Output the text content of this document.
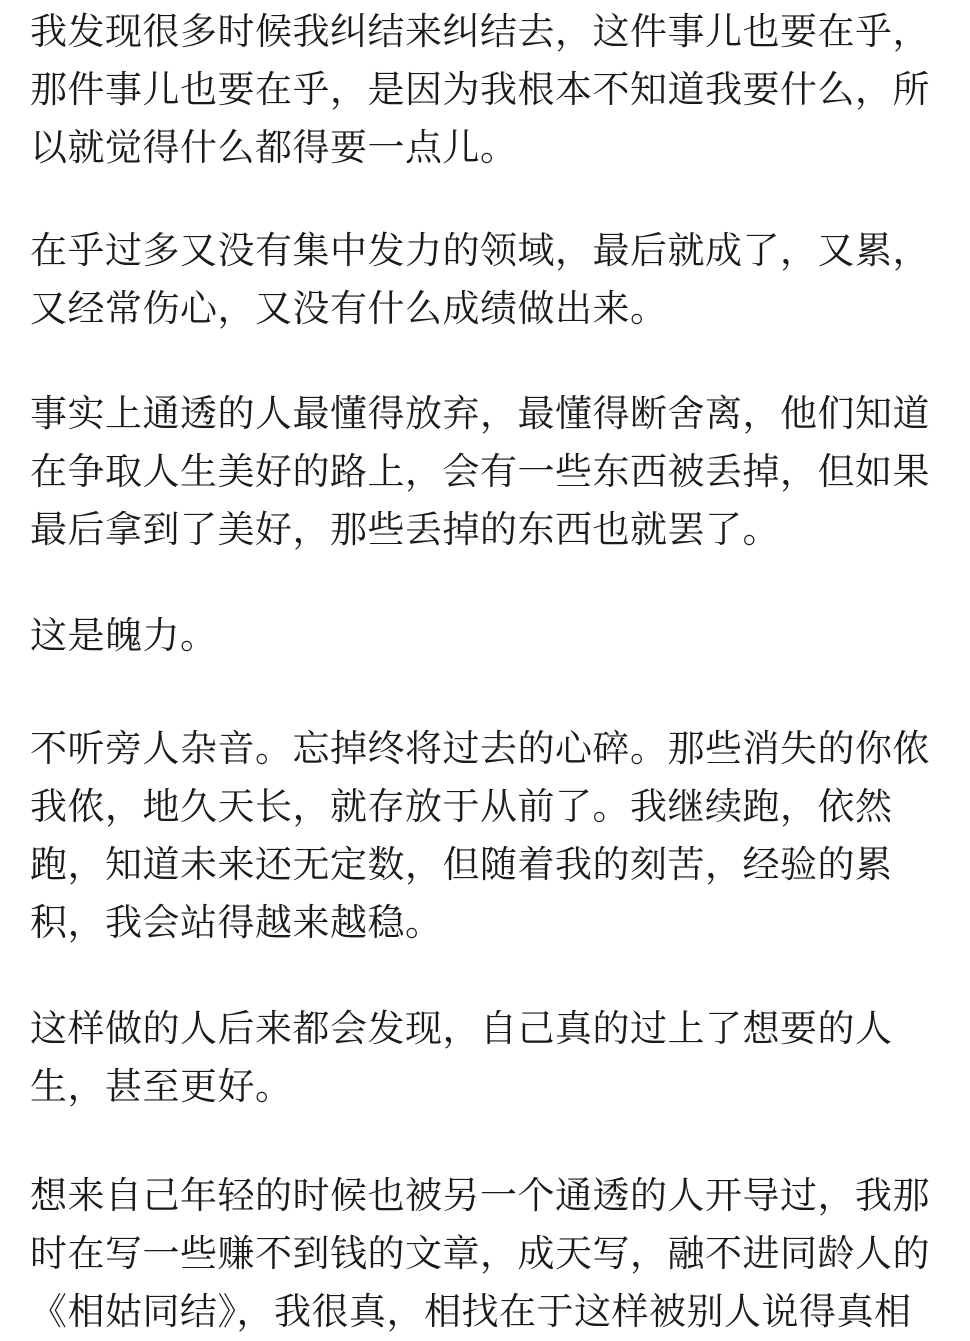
我发现很多时候我纠结来纠结去，这件事儿也要在乎，
那件事儿也要在乎，是因为我根本不知道我要什么，所
以就觉得什么都得要一点儿。
在乎过多又没有集中发力的领域，最后就成了，又累，
又经常伤心，又没有什么成绩做出来。
事实上通透的人最懂得放弃，最懂得断舍离，他们知道
在争取人生美好的路上，会有一些东西被丢掉，但如果
最后拿到了美好，那些丢掉的东西也就罢了。
这是魄力。
不听旁人杂音。忘掉终将过去的心碎。那些消失的你侬
我侬，地久天长，就存放于从前了。我继续跑，依然
跑，知道未来还无定数，但随着我的刻苦，经验的累
积，我会站得越来越稳。
这样做的人后来都会发现，自己真的过上了想要的人
生，甚至更好。
想来自己年轻的时候也被另一个通透的人开导过，我那
时在写一些赚不到钱的文章，成天写，融不进同龄人的
《相姑同结》，我很真，相找在于这样被别人说得真相
